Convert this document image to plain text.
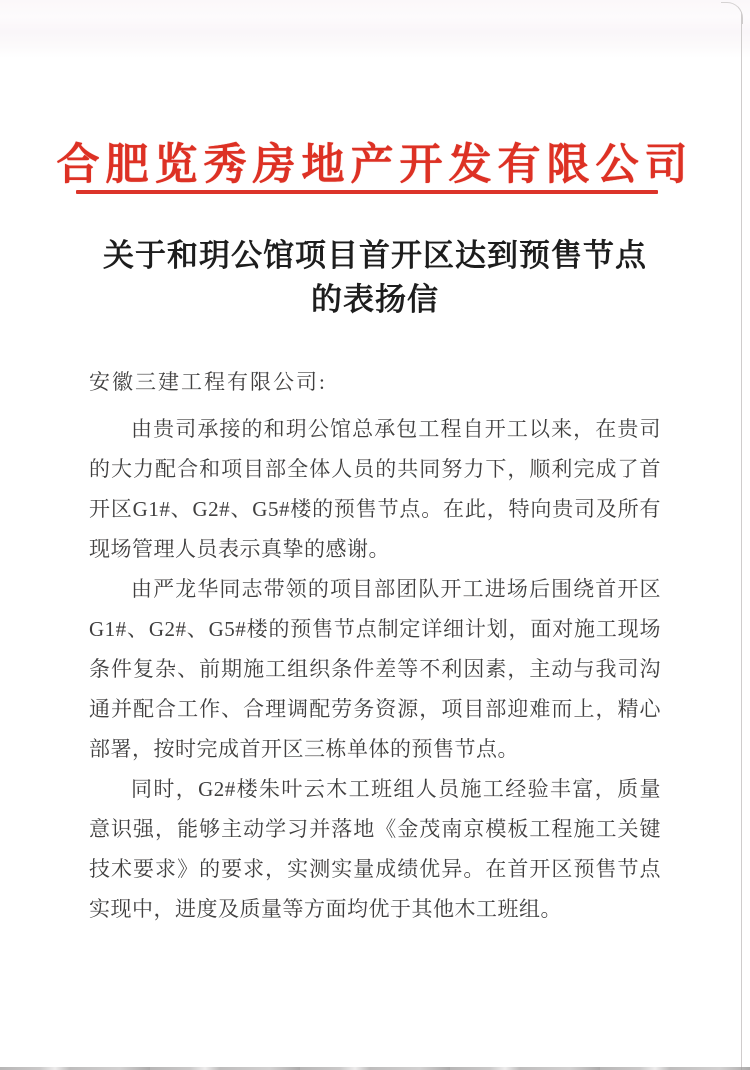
合肥览秀房地产开发有限公司
关于和玥公馆项目首开区达到预售节点
的表扬信
安徽三建工程有限公司:

由贵司承接的和玥公馆总承包工程自开工以来，在贵司的大力配合和项目部全体人员的共同努力下，顺利完成了首开区G1#、G2#、G5#楼的预售节点。在此，特向贵司及所有现场管理人员表示真挚的感谢。

由严龙华同志带领的项目部团队开工进场后围绕首开区G1#、G2#、G5#楼的预售节点制定详细计划，面对施工现场条件复杂、前期施工组织条件差等不利因素，主动与我司沟通并配合工作、合理调配劳务资源，项目部迎难而上，精心部署，按时完成首开区三栋单体的预售节点。

同时，G2#楼朱叶云木工班组人员施工经验丰富，质量意识强，能够主动学习并落地《金茂南京模板工程施工关键技术要求》的要求，实测实量成绩优异。在首开区预售节点实现中，进度及质量等方面均优于其他木工班组。
